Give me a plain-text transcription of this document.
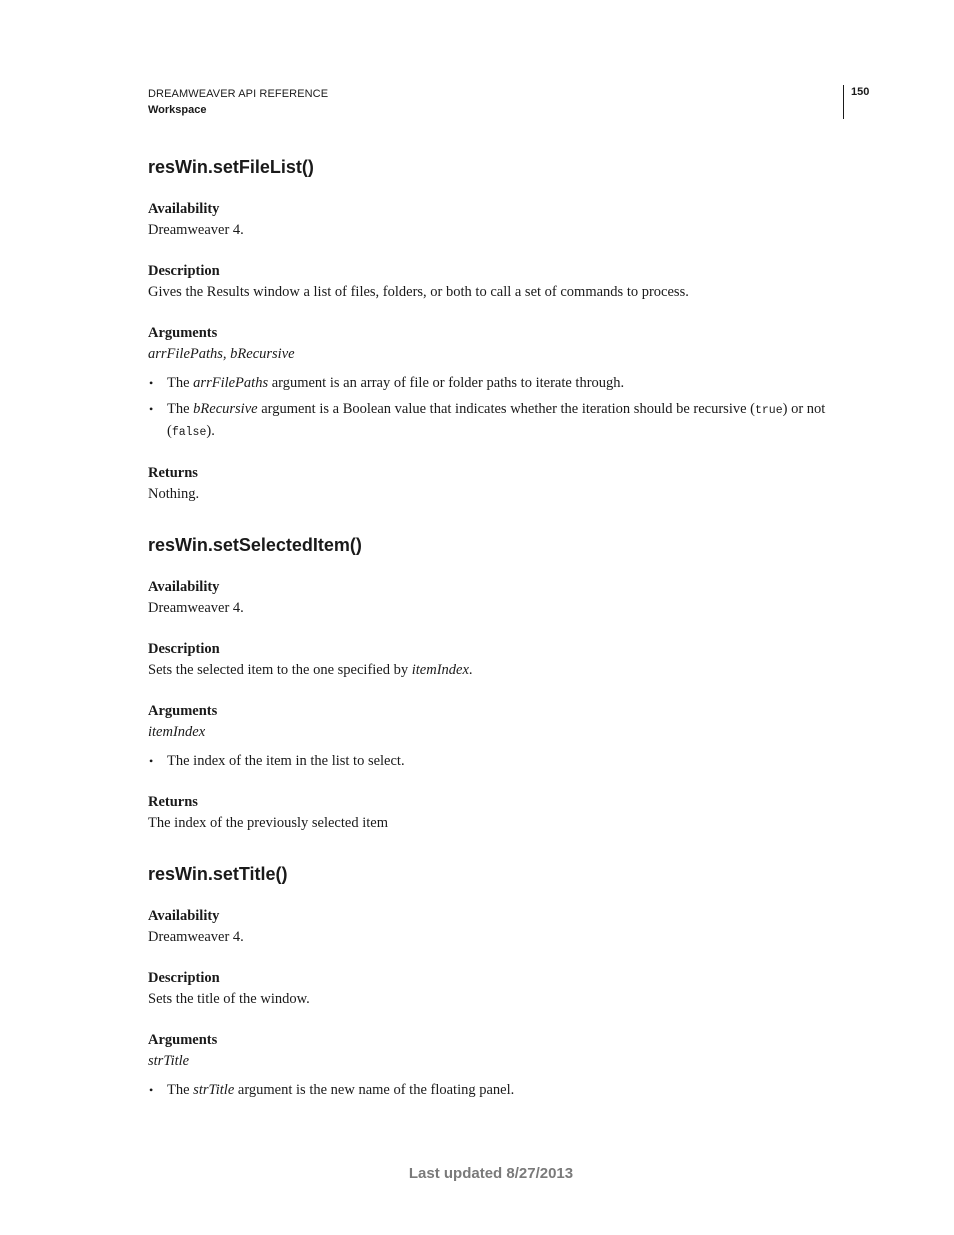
DREAMWEAVER API REFERENCE
Workspace
150
resWin.setFileList()

Availability

Dreamweaver 4.

Description

Gives the Results window a list of files, folders, or both to call a set of commands to process.

Arguments

arrFilePaths, bRecursive

• The arrFilePaths argument is an array of file or folder paths to iterate through.
• The bRecursive argument is a Boolean value that indicates whether the iteration should be recursive (true) or not (false).

Returns

Nothing.

resWin.setSelectedItem()

Availability

Dreamweaver 4.

Description

Sets the selected item to the one specified by itemIndex.

Arguments

itemIndex

• The index of the item in the list to select.

Returns

The index of the previously selected item

resWin.setTitle()

Availability

Dreamweaver 4.

Description

Sets the title of the window.

Arguments

strTitle

• The strTitle argument is the new name of the floating panel.
Last updated 8/27/2013
